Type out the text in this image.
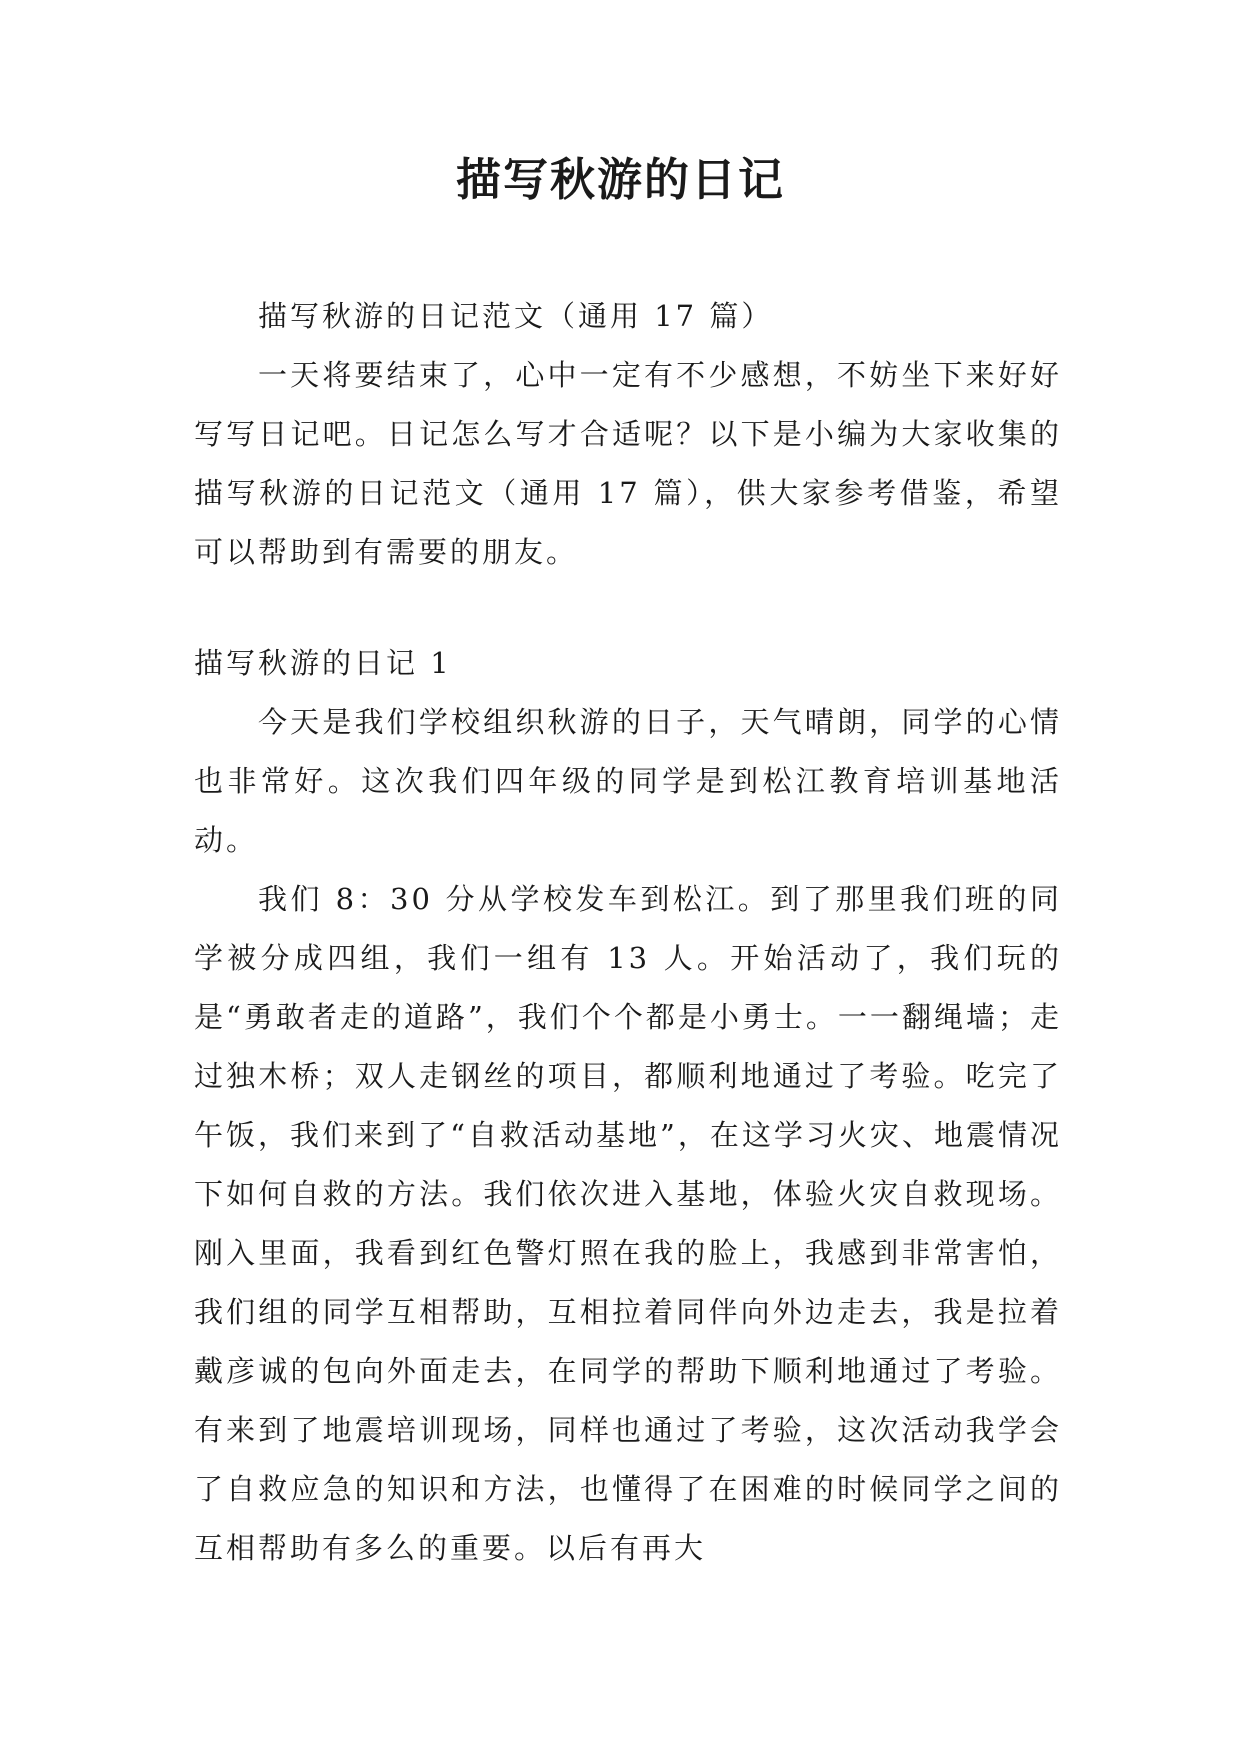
描写秋游的日记

描写秋游的日记范文（通用 17 篇）

一天将要结束了，心中一定有不少感想，不妨坐下来好好写写日记吧。日记怎么写才合适呢？以下是小编为大家收集的描写秋游的日记范文（通用 17 篇），供大家参考借鉴，希望可以帮助到有需要的朋友。

描写秋游的日记 1

今天是我们学校组织秋游的日子，天气晴朗，同学的心情也非常好。这次我们四年级的同学是到松江教育培训基地活动。

我们 8：30 分从学校发车到松江。到了那里我们班的同学被分成四组，我们一组有 13 人。开始活动了，我们玩的是“勇敢者走的道路”，我们个个都是小勇士。一一翻绳墙；走过独木桥；双人走钢丝的项目，都顺利地通过了考验。吃完了午饭，我们来到了“自救活动基地”，在这学习火灾、地震情况下如何自救的方法。我们依次进入基地，体验火灾自救现场。刚入里面，我看到红色警灯照在我的脸上，我感到非常害怕，我们组的同学互相帮助，互相拉着同伴向外边走去，我是拉着戴彦诚的包向外面走去，在同学的帮助下顺利地通过了考验。有来到了地震培训现场，同样也通过了考验，这次活动我学会了自救应急的知识和方法，也懂得了在困难的时候同学之间的互相帮助有多么的重要。以后有再大
